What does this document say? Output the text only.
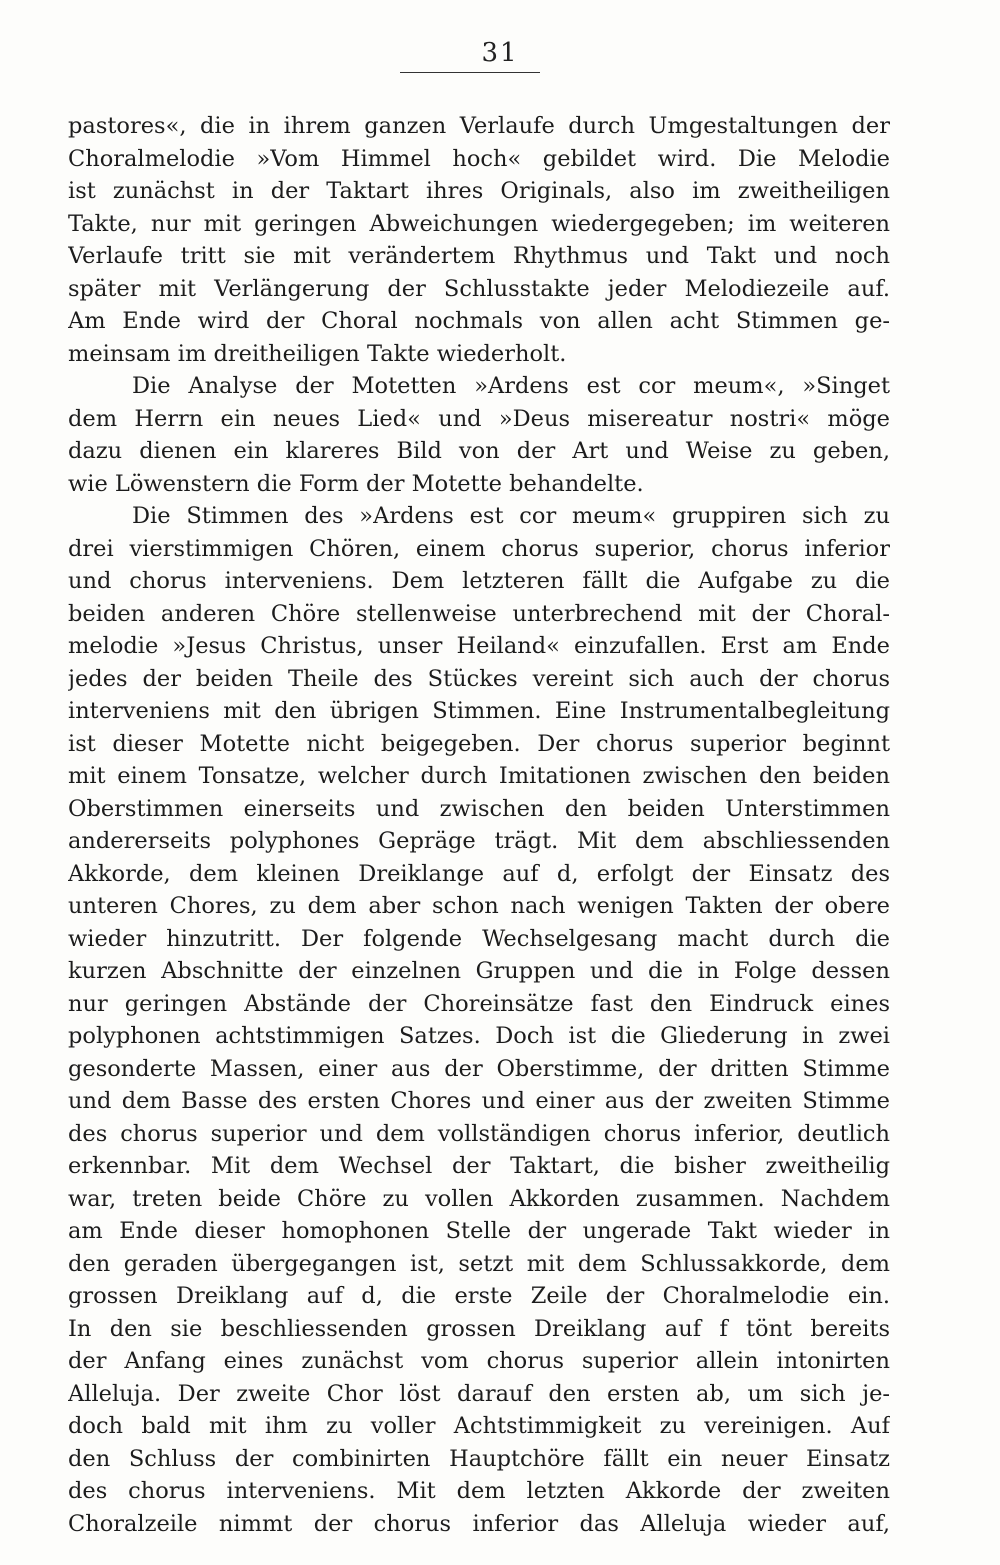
31
pastores«, die in ihrem ganzen Verlaufe durch Umgestaltungen der
Choralmelodie »Vom Himmel hoch« gebildet wird. Die Melodie
ist zunächst in der Taktart ihres Originals, also im zweitheiligen
Takte, nur mit geringen Abweichungen wiedergegeben; im weiteren
Verlaufe tritt sie mit verändertem Rhythmus und Takt und noch
später mit Verlängerung der Schlusstakte jeder Melodiezeile auf.
Am Ende wird der Choral nochmals von allen acht Stimmen ge-
meinsam im dreitheiligen Takte wiederholt.
Die Analyse der Motetten »Ardens est cor meum«, »Singet
dem Herrn ein neues Lied« und »Deus misereatur nostri« möge
dazu dienen ein klareres Bild von der Art und Weise zu geben,
wie Löwenstern die Form der Motette behandelte.
Die Stimmen des »Ardens est cor meum« gruppiren sich zu
drei vierstimmigen Chören, einem chorus superior, chorus inferior
und chorus interveniens. Dem letzteren fällt die Aufgabe zu die
beiden anderen Chöre stellenweise unterbrechend mit der Choral-
melodie »Jesus Christus, unser Heiland« einzufallen. Erst am Ende
jedes der beiden Theile des Stückes vereint sich auch der chorus
interveniens mit den übrigen Stimmen. Eine Instrumentalbegleitung
ist dieser Motette nicht beigegeben. Der chorus superior beginnt
mit einem Tonsatze, welcher durch Imitationen zwischen den beiden
Oberstimmen einerseits und zwischen den beiden Unterstimmen
andererseits polyphones Gepräge trägt. Mit dem abschliessenden
Akkorde, dem kleinen Dreiklange auf d, erfolgt der Einsatz des
unteren Chores, zu dem aber schon nach wenigen Takten der obere
wieder hinzutritt. Der folgende Wechselgesang macht durch die
kurzen Abschnitte der einzelnen Gruppen und die in Folge dessen
nur geringen Abstände der Choreinsätze fast den Eindruck eines
polyphonen achtstimmigen Satzes. Doch ist die Gliederung in zwei
gesonderte Massen, einer aus der Oberstimme, der dritten Stimme
und dem Basse des ersten Chores und einer aus der zweiten Stimme
des chorus superior und dem vollständigen chorus inferior, deutlich
erkennbar. Mit dem Wechsel der Taktart, die bisher zweitheilig
war, treten beide Chöre zu vollen Akkorden zusammen. Nachdem
am Ende dieser homophonen Stelle der ungerade Takt wieder in
den geraden übergegangen ist, setzt mit dem Schlussakkorde, dem
grossen Dreiklang auf d, die erste Zeile der Choralmelodie ein.
In den sie beschliessenden grossen Dreiklang auf f tönt bereits
der Anfang eines zunächst vom chorus superior allein intonirten
Alleluja. Der zweite Chor löst darauf den ersten ab, um sich je-
doch bald mit ihm zu voller Achtstimmigkeit zu vereinigen. Auf
den Schluss der combinirten Hauptchöre fällt ein neuer Einsatz
des chorus interveniens. Mit dem letzten Akkorde der zweiten
Choralzeile nimmt der chorus inferior das Alleluja wieder auf,
